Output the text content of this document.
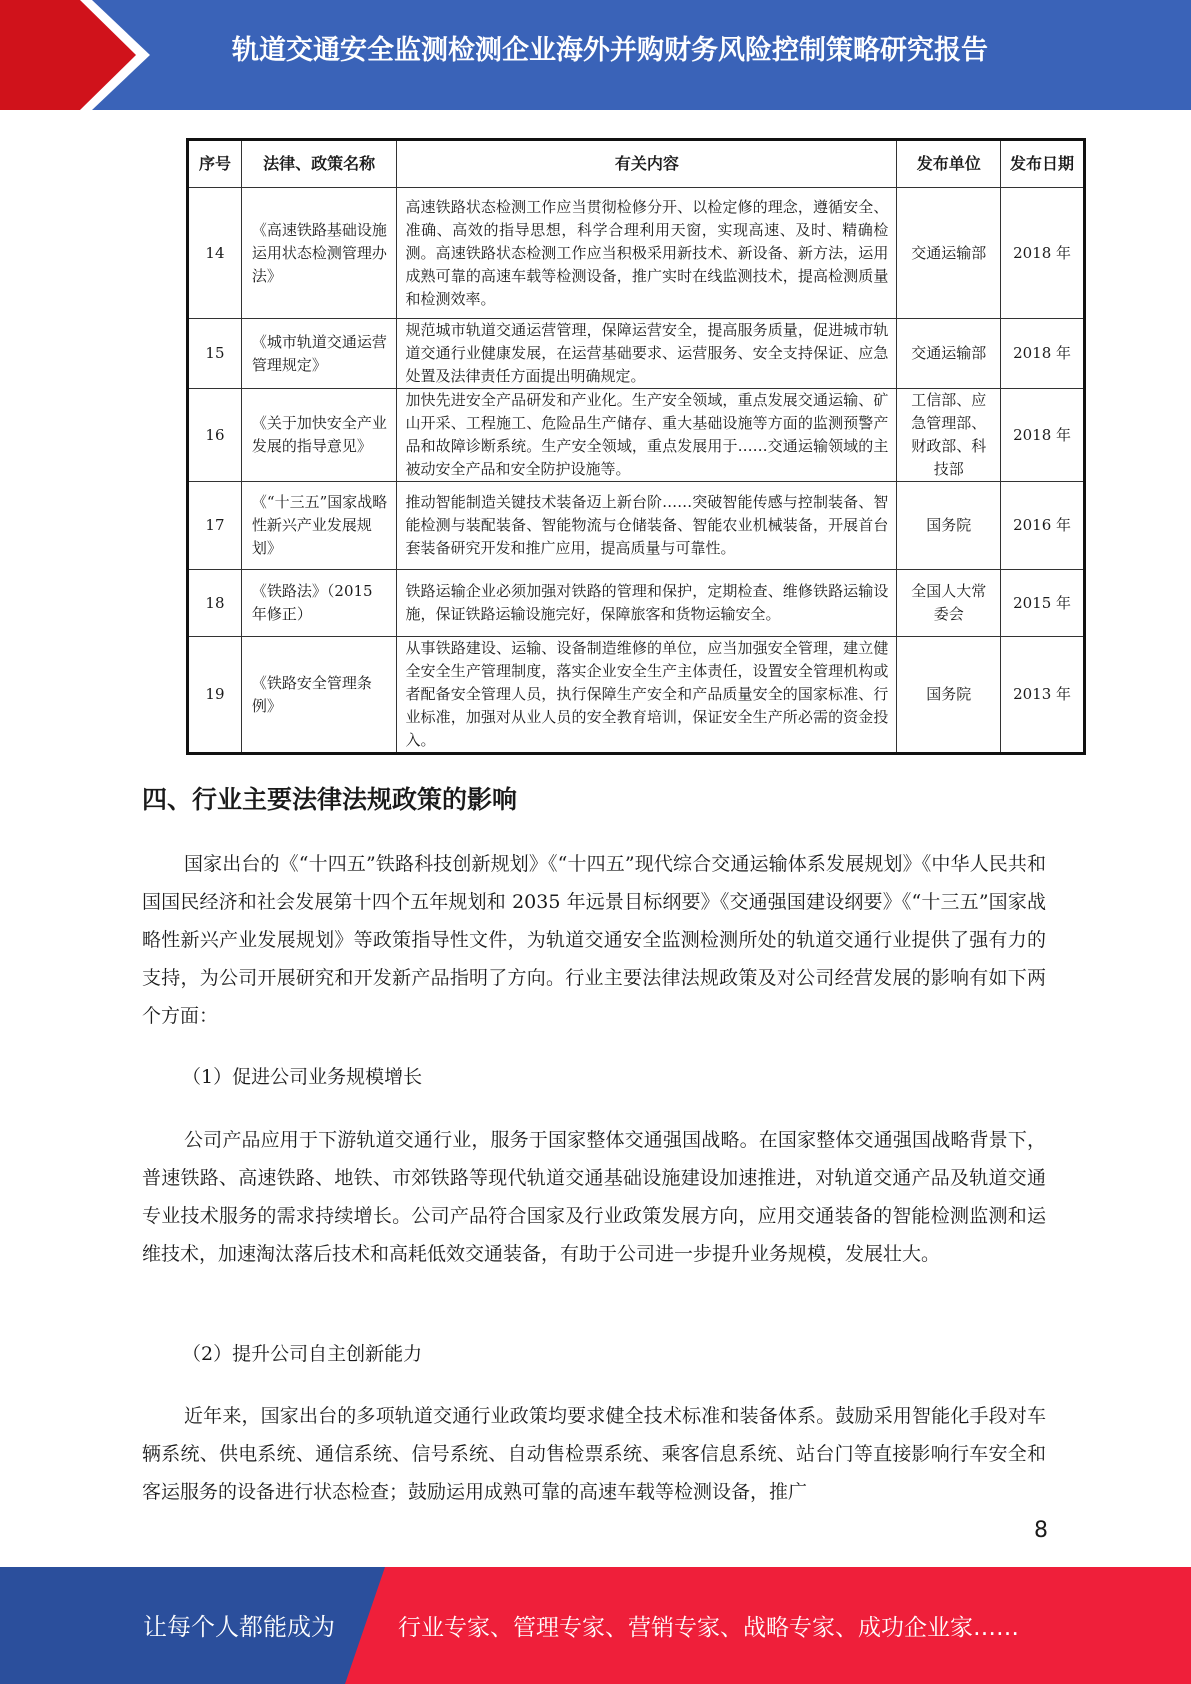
轨道交通安全监测检测企业海外并购财务风险控制策略研究报告
序号	法律、政策名称	有关内容	发布单位	发布日期
14	《高速铁路基础设施运用状态检测管理办法》	高速铁路状态检测工作应当贯彻检修分开、以检定修的理念，遵循安全、准确、高效的指导思想，科学合理利用天窗，实现高速、及时、精确检测。高速铁路状态检测工作应当积极采用新技术、新设备、新方法，运用成熟可靠的高速车载等检测设备，推广实时在线监测技术，提高检测质量和检测效率。	交通运输部	2018 年
15	《城市轨道交通运营管理规定》	规范城市轨道交通运营管理，保障运营安全，提高服务质量，促进城市轨道交通行业健康发展，在运营基础要求、运营服务、安全支持保证、应急处置及法律责任方面提出明确规定。	交通运输部	2018 年
16	《关于加快安全产业发展的指导意见》	加快先进安全产品研发和产业化。生产安全领域，重点发展交通运输、矿山开采、工程施工、危险品生产储存、重大基础设施等方面的监测预警产品和故障诊断系统。生产安全领域，重点发展用于……交通运输领域的主被动安全产品和安全防护设施等。	工信部、应急管理部、财政部、科技部	2018 年
17	《“十三五”国家战略性新兴产业发展规划》	推动智能制造关键技术装备迈上新台阶……突破智能传感与控制装备、智能检测与装配装备、智能物流与仓储装备、智能农业机械装备，开展首台套装备研究开发和推广应用，提高质量与可靠性。	国务院	2016 年
18	《铁路法》（2015 年修正）	铁路运输企业必须加强对铁路的管理和保护，定期检查、维修铁路运输设施，保证铁路运输设施完好，保障旅客和货物运输安全。	全国人大常委会	2015 年
19	《铁路安全管理条例》	从事铁路建设、运输、设备制造维修的单位，应当加强安全管理，建立健全安全生产管理制度，落实企业安全生产主体责任，设置安全管理机构或者配备安全管理人员，执行保障生产安全和产品质量安全的国家标准、行业标准，加强对从业人员的安全教育培训，保证安全生产所必需的资金投入。	国务院	2013 年
四、行业主要法律法规政策的影响

国家出台的《“十四五”铁路科技创新规划》《“十四五”现代综合交通运输体系发展规划》《中华人民共和国国民经济和社会发展第十四个五年规划和 2035 年远景目标纲要》《交通强国建设纲要》《“十三五”国家战略性新兴产业发展规划》等政策指导性文件，为轨道交通安全监测检测所处的轨道交通行业提供了强有力的支持，为公司开展研究和开发新产品指明了方向。行业主要法律法规政策及对公司经营发展的影响有如下两个方面：

（1）促进公司业务规模增长

公司产品应用于下游轨道交通行业，服务于国家整体交通强国战略。在国家整体交通强国战略背景下，普速铁路、高速铁路、地铁、市郊铁路等现代轨道交通基础设施建设加速推进，对轨道交通产品及轨道交通专业技术服务的需求持续增长。公司产品符合国家及行业政策发展方向，应用交通装备的智能检测监测和运维技术，加速淘汰落后技术和高耗低效交通装备，有助于公司进一步提升业务规模，发展壮大。

（2）提升公司自主创新能力

近年来，国家出台的多项轨道交通行业政策均要求健全技术标准和装备体系。鼓励采用智能化手段对车辆系统、供电系统、通信系统、信号系统、自动售检票系统、乘客信息系统、站台门等直接影响行车安全和客运服务的设备进行状态检查；鼓励运用成熟可靠的高速车载等检测设备，推广

8
让每个人都能成为	行业专家、管理专家、营销专家、战略专家、成功企业家……
